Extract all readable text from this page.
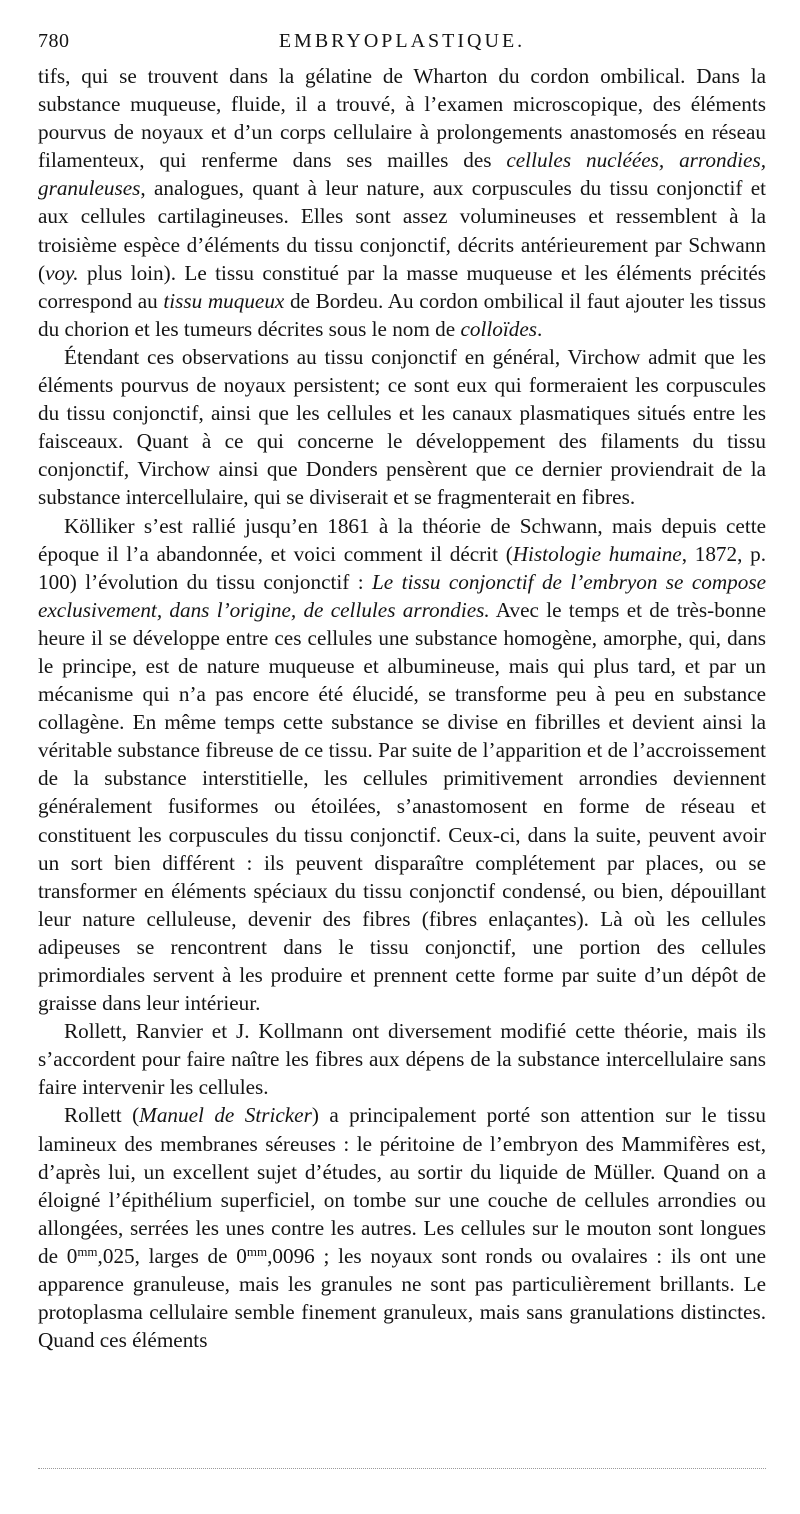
780	EMBRYOPLASTIQUE.

tifs, qui se trouvent dans la gélatine de Wharton du cordon ombilical. Dans la substance muqueuse, fluide, il a trouvé, à l’examen microscopique, des éléments pourvus de noyaux et d’un corps cellulaire à prolongements anastomosés en réseau filamenteux, qui renferme dans ses mailles des cellules nucléées, arrondies, granuleuses, analogues, quant à leur nature, aux corpuscules du tissu conjonctif et aux cellules cartilagineuses. Elles sont assez volumineuses et ressemblent à la troisième espèce d’éléments du tissu conjonctif, décrits antérieurement par Schwann (voy. plus loin). Le tissu constitué par la masse muqueuse et les éléments précités correspond au tissu muqueux de Bordeu. Au cordon ombilical il faut ajouter les tissus du chorion et les tumeurs décrites sous le nom de colloïdes.

Étendant ces observations au tissu conjonctif en général, Virchow admit que les éléments pourvus de noyaux persistent; ce sont eux qui formeraient les corpuscules du tissu conjonctif, ainsi que les cellules et les canaux plasmatiques situés entre les faisceaux. Quant à ce qui concerne le développement des filaments du tissu conjonctif, Virchow ainsi que Donders pensèrent que ce dernier proviendrait de la substance intercellulaire, qui se diviserait et se fragmenterait en fibres.

Kölliker s’est rallié jusqu’en 1861 à la théorie de Schwann, mais depuis cette époque il l’a abandonnée, et voici comment il décrit (Histologie humaine, 1872, p. 100) l’évolution du tissu conjonctif : Le tissu conjonctif de l’embryon se compose exclusivement, dans l’origine, de cellules arrondies. Avec le temps et de très-bonne heure il se développe entre ces cellules une substance homogène, amorphe, qui, dans le principe, est de nature muqueuse et albumineuse, mais qui plus tard, et par un mécanisme qui n’a pas encore été élucidé, se transforme peu à peu en substance collagène. En même temps cette substance se divise en fibrilles et devient ainsi la véritable substance fibreuse de ce tissu. Par suite de l’apparition et de l’accroissement de la substance interstitielle, les cellules primitivement arrondies deviennent généralement fusiformes ou étoilées, s’anastomosent en forme de réseau et constituent les corpuscules du tissu conjonctif. Ceux-ci, dans la suite, peuvent avoir un sort bien différent : ils peuvent disparaître complétement par places, ou se transformer en éléments spéciaux du tissu conjonctif condensé, ou bien, dépouillant leur nature celluleuse, devenir des fibres (fibres enlaçantes). Là où les cellules adipeuses se rencontrent dans le tissu conjonctif, une portion des cellules primordiales servent à les produire et prennent cette forme par suite d’un dépôt de graisse dans leur intérieur.

Rollett, Ranvier et J. Kollmann ont diversement modifié cette théorie, mais ils s’accordent pour faire naître les fibres aux dépens de la substance intercellulaire sans faire intervenir les cellules.

Rollett (Manuel de Stricker) a principalement porté son attention sur le tissu lamineux des membranes séreuses : le péritoine de l’embryon des Mammifères est, d’après lui, un excellent sujet d’études, au sortir du liquide de Müller. Quand on a éloigné l’épithélium superficiel, on tombe sur une couche de cellules arrondies ou allongées, serrées les unes contre les autres. Les cellules sur le mouton sont longues de $0^{mm},025$, larges de $0^{mm},0096$ ; les noyaux sont ronds ou ovalaires : ils ont une apparence granuleuse, mais les granules ne sont pas particulièrement brillants. Le protoplasma cellulaire semble finement granuleux, mais sans granulations distinctes. Quand ces éléments
